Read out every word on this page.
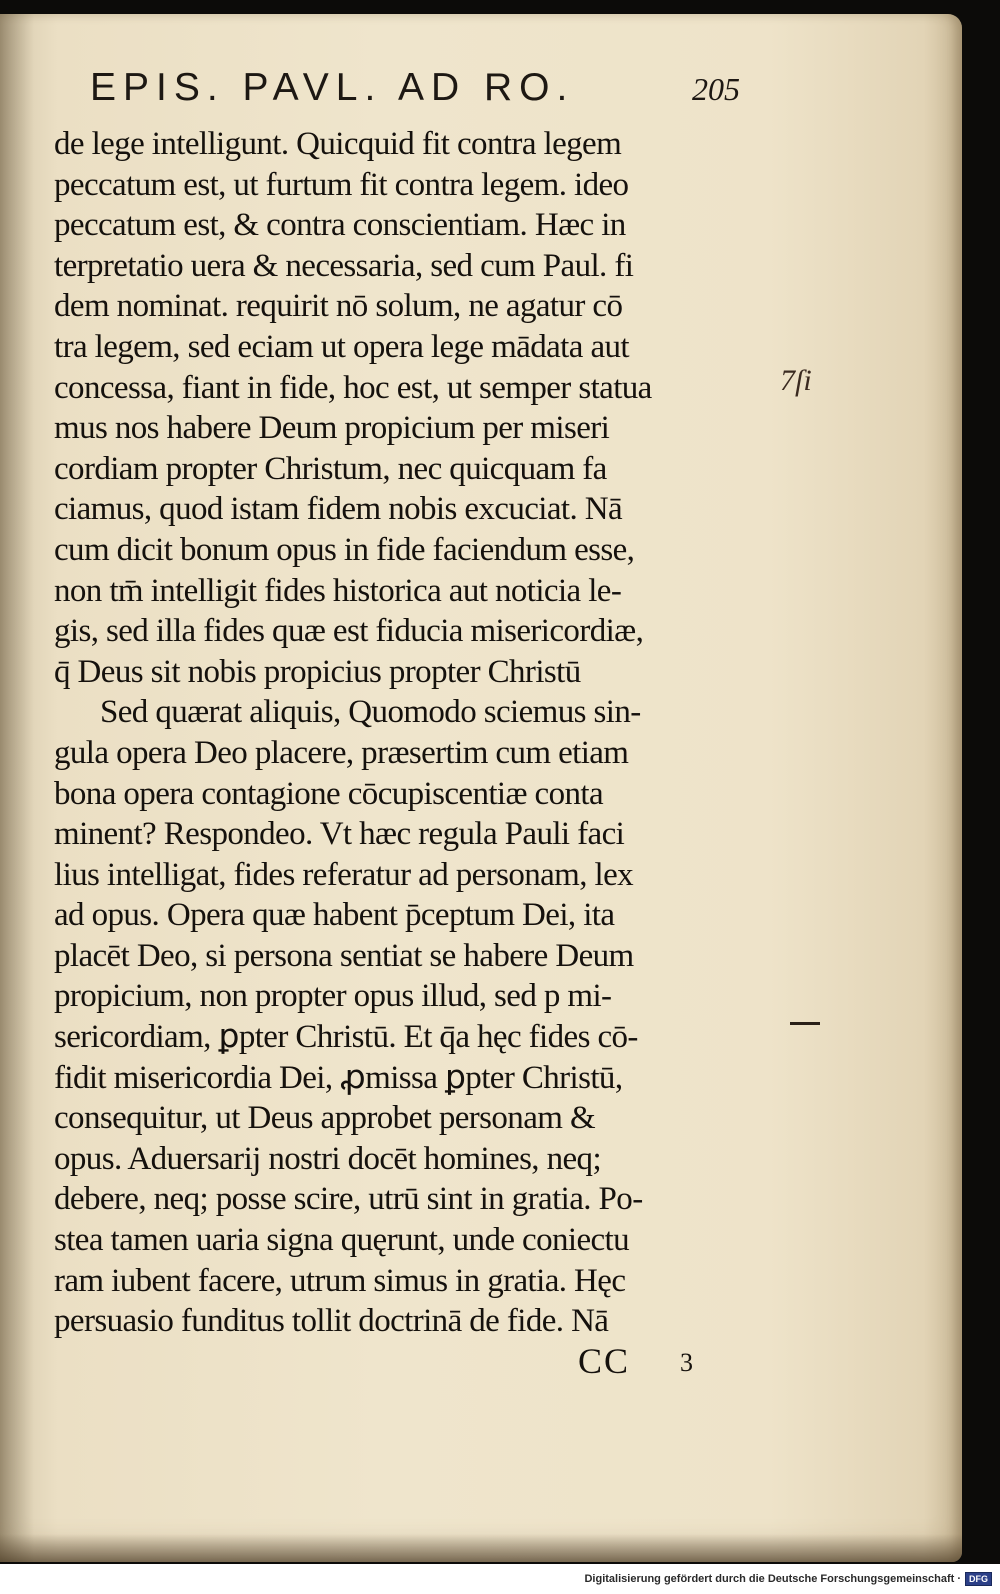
EPIS. PAVL. AD RO.	205
de lege intelligunt. Quicquid fit contra legem
peccatum est, ut furtum fit contra legem. ideo
peccatum est, & contra conscientiam. Hæc in
terpretatio uera & necessaria, sed cum Paul. fi
dem nominat. requirit nō solum, ne agatur cō
tra legem, sed eciam ut opera lege mādata aut
concessa, fiant in fide, hoc est, ut semper statua
mus nos habere Deum propicium per miseri
cordiam propter Christum, nec quicquam fa
ciamus, quod istam fidem nobis excuciat. Nā
cum dicit bonum opus in fide faciendum esse,
non tm̄ intelligit fides historica aut noticia le-
gis, sed illa fides quæ est fiducia misericordiæ,
q̄ Deus sit nobis propicius propter Christū
Sed quærat aliquis, Quomodo sciemus sin-
gula opera Deo placere, præsertim cum etiam
bona opera contagione cōcupiscentiæ conta
minent? Respondeo. Vt hæc regula Pauli faci
lius intelligat, fides referatur ad personam, lex
ad opus. Opera quæ habent p̄ceptum Dei, ita
placēt Deo, si persona sentiat se habere Deum
propicium, non propter opus illud, sed p mi-
sericordiam, ꝑpter Christū. Et q̄a hęc fides cō-
fidit misericordia Dei, ꝓmissa ꝑpter Christū,
consequitur, ut Deus approbet personam &
opus. Aduersarij nostri docēt homines, neq;
debere, neq; posse scire, utrū sint in gratia. Po-
stea tamen uaria signa quęrunt, unde coniectu
ram iubent facere, utrum simus in gratia. Hęc
persuasio funditus tollit doctrinā de fide. Nā
7ſi
CC 3
Digitalisierung gefördert durch die Deutsche Forschungsgemeinschaft · DFG
